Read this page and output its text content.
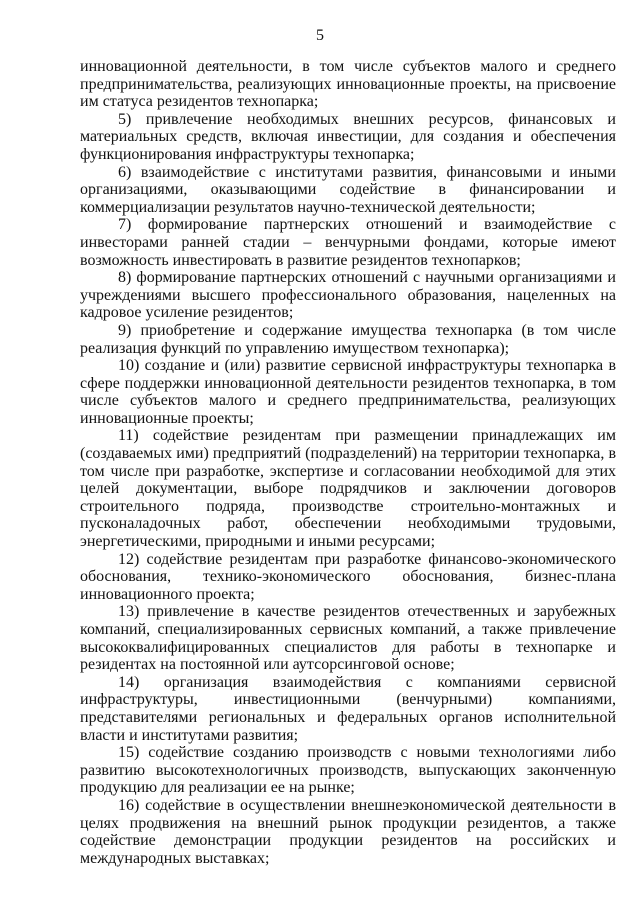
5

инновационной деятельности, в том числе субъектов малого и среднего предпринимательства, реализующих инновационные проекты, на присвоение им статуса резидентов технопарка;

5) привлечение необходимых внешних ресурсов, финансовых и материальных средств, включая инвестиции, для создания и обеспечения функционирования инфраструктуры технопарка;

6) взаимодействие с институтами развития, финансовыми и иными организациями, оказывающими содействие в финансировании и коммерциализации результатов научно-технической деятельности;

7) формирование партнерских отношений и взаимодействие с инвесторами ранней стадии – венчурными фондами, которые имеют возможность инвестировать в развитие резидентов технопарков;

8) формирование партнерских отношений с научными организациями и учреждениями высшего профессионального образования, нацеленных на кадровое усиление резидентов;

9) приобретение и содержание имущества технопарка (в том числе реализация функций по управлению имуществом технопарка);

10) создание и (или) развитие сервисной инфраструктуры технопарка в сфере поддержки инновационной деятельности резидентов технопарка, в том числе субъектов малого и среднего предпринимательства, реализующих инновационные проекты;

11) содействие резидентам при размещении принадлежащих им (создаваемых ими) предприятий (подразделений) на территории технопарка, в том числе при разработке, экспертизе и согласовании необходимой для этих целей документации, выборе подрядчиков и заключении договоров строительного подряда, производстве строительно-монтажных и пусконаладочных работ, обеспечении необходимыми трудовыми, энергетическими, природными и иными ресурсами;

12) содействие резидентам при разработке финансово-экономического обоснования, технико-экономического обоснования, бизнес-плана инновационного проекта;

13) привлечение в качестве резидентов отечественных и зарубежных компаний, специализированных сервисных компаний, а также привлечение высококвалифицированных специалистов для работы в технопарке и резидентах на постоянной или аутсорсинговой основе;

14) организация взаимодействия с компаниями сервисной инфраструктуры, инвестиционными (венчурными) компаниями, представителями региональных и федеральных органов исполнительной власти и институтами развития;

15) содействие созданию производств с новыми технологиями либо развитию высокотехнологичных производств, выпускающих законченную продукцию для реализации ее на рынке;

16) содействие в осуществлении внешнеэкономической деятельности в целях продвижения на внешний рынок продукции резидентов, а также содействие демонстрации продукции резидентов на российских и международных выставках;
